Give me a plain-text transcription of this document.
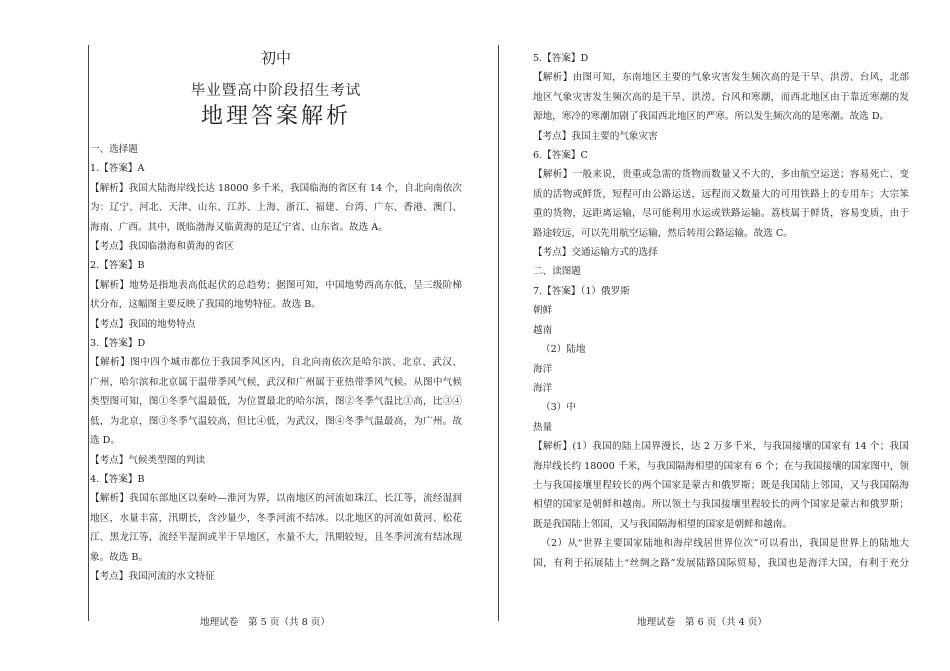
初中
毕业暨高中阶段招生考试
地理答案解析
一、选择题
1.【答案】A
【解析】我国大陆海岸线长达 18000 多千米，我国临海的省区有 14 个，自北向南依次
为：辽宁、河北、天津、山东、江苏、上海、浙江、福建、台湾、广东、香港、澳门、
海南、广西。其中，既临渤海又临黄海的是辽宁省、山东省。故选 A。
【考点】我国临渤海和黄海的省区
2.【答案】B
【解析】地势是指地表高低起伏的总趋势；据图可知，中国地势西高东低，呈三级阶梯
状分布，这幅图主要反映了我国的地势特征。故选 B。
【考点】我国的地势特点
3.【答案】D
【解析】图中四个城市都位于我国季风区内，自北向南依次是哈尔滨、北京、武汉、
广州，哈尔滨和北京属于温带季风气候，武汉和广州属于亚热带季风气候。从图中气候
类型图可知，图①冬季气温最低，为位置最北的哈尔滨，图②冬季气温比①高，比③④
低，为北京，图③冬季气温较高，但比④低，为武汉，图④冬季气温最高，为广州。故
选 D。
【考点】气候类型图的判读
4.【答案】B
【解析】我国东部地区以秦岭—淮河为界，以南地区的河流如珠江、长江等，流经湿润
地区，水量丰富，汛期长，含沙量少，冬季河流不结冰。以北地区的河流如黄河、松花
江、黑龙江等，流经半湿润或半干旱地区，水量不大，汛期较短，且冬季河流有结冰现
象。故选 B。
【考点】我国河流的水文特征
5.【答案】D
【解析】由图可知，东南地区主要的气象灾害发生频次高的是干旱、洪涝、台风，北部
地区气象灾害发生频次高的是干旱、洪涝、台风和寒潮，而西北地区由于靠近寒潮的发
源地，寒冷的寒潮加剧了我国西北地区的严寒。所以发生频次高的是寒潮。故选 D。
【考点】我国主要的气象灾害
6.【答案】C
【解析】一般来说，贵重或急需的货物而数量又不大的，多由航空运送；容易死亡、变
质的活物或鲜货，短程可由公路运送，远程而又数量大的可用铁路上的专用车；大宗笨
重的货物，远距离运输，尽可能利用水运或铁路运输。荔枝属于鲜货，容易变质，由于
路途较远，可以先用航空运输，然后转用公路运输。故选 C。
【考点】交通运输方式的选择
二、读图题
7.【答案】（1）俄罗斯
朝鲜
越南
（2）陆地
海洋
海洋
（3）中
热量
【解析】(1）我国的陆上国界漫长，达 2 万多千米，与我国接壤的国家有 14 个；我国
海岸线长约 18000 千米，与我国隔海相望的国家有 6 个；在与我国接壤的国家图中，领
土与我国接壤里程较长的两个国家是蒙古和俄罗斯；既是我国陆上邻国，又与我国隔海
相望的国家是朝鲜和越南。所以领土与我国接壤里程较长的两个国家是蒙古和俄罗斯；
既是我国陆上邻国，又与我国隔海相望的国家是朝鲜和越南。
（2）从“世界主要国家陆地和海岸线居世界位次”可以看出，我国是世界上的陆地大
国，有利于拓展陆上“丝绸之路”发展陆路国际贸易，我国也是海洋大国，有利于充分
地理试卷　第 5 页（共 8 页）	地理试卷　第 6 页（共 4 页）
